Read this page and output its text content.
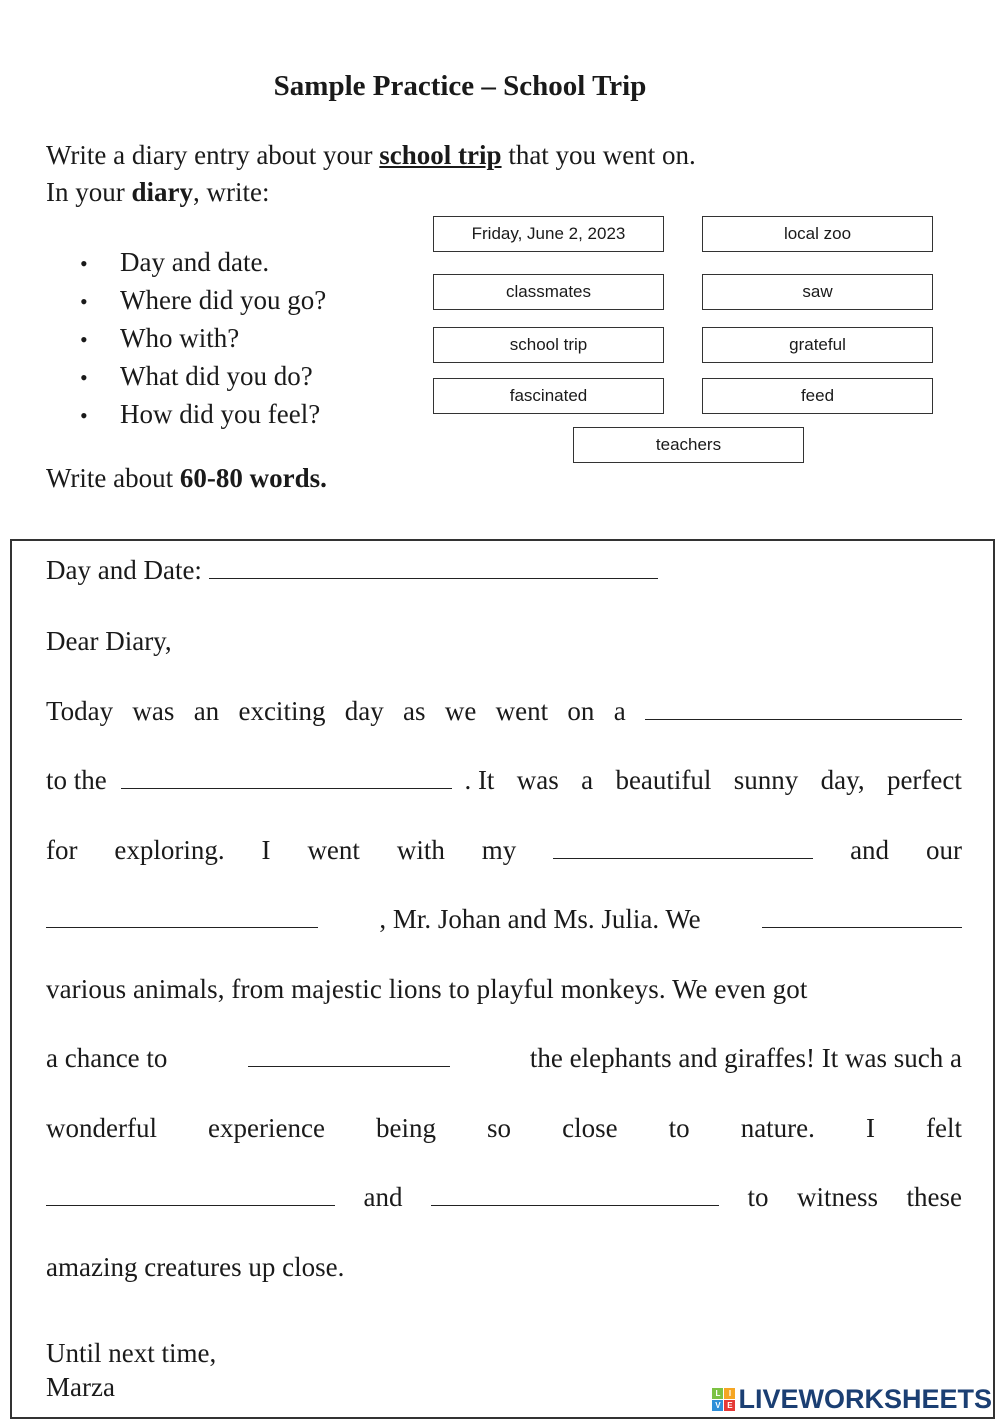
Sample Practice – School Trip
Write a diary entry about your school trip that you went on.
In your diary, write:
• Day and date.
• Where did you go?
• Who with?
• What did you do?
• How did you feel?
Write about 60-80 words.
Friday, June 2, 2023	local zoo
classmates	saw
school trip	grateful
fascinated	feed
teachers
Day and Date:
Dear Diary,
Today was an exciting day as we went on a
to the	. It was a beautiful sunny day, perfect
for exploring. I went with my	and our
, Mr. Johan and Ms. Julia. We
various animals, from majestic lions to playful monkeys. We even got
a chance to	the elephants and giraffes! It was such a
wonderful experience being so close to nature. I felt
and	to witness these
amazing creatures up close.
Until next time,
Marza	L	I
V E LIVEWORKSHEETS
